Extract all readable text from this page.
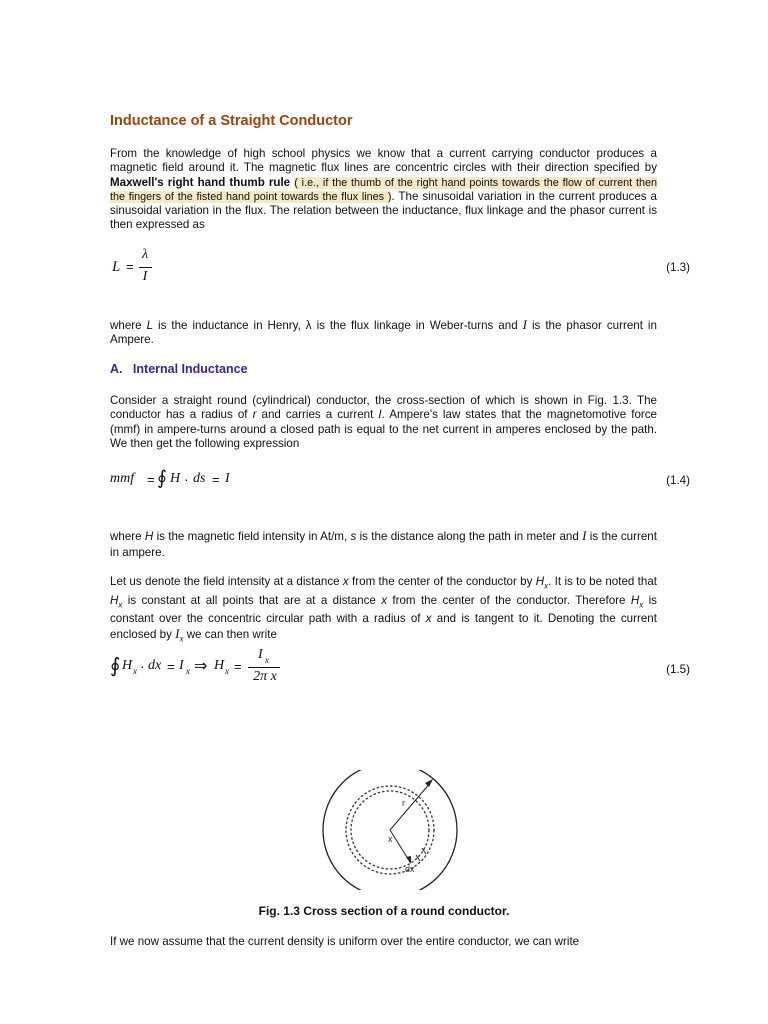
Inductance of a Straight Conductor
From the knowledge of high school physics we know that a current carrying conductor produces a magnetic field around it. The magnetic flux lines are concentric circles with their direction specified by Maxwell's right hand thumb rule ( i.e., if the thumb of the right hand points towards the flow of current then the fingers of the fisted hand point towards the flux lines ). The sinusoidal variation in the current produces a sinusoidal variation in the flux. The relation between the inductance, flux linkage and the phasor current is then expressed as
L =
λ
I
(1.3)
where L is the inductance in Henry, λ is the flux linkage in Weber-turns and I is the phasor current in Ampere.
A. Internal Inductance
Consider a straight round (cylindrical) conductor, the cross-section of which is shown in Fig. 1.3. The conductor has a radius of r and carries a current I. Ampere's law states that the magnetomotive force (mmf) in ampere-turns around a closed path is equal to the net current in amperes enclosed by the path. We then get the following expression
mmf = ∮ H · ds = I	(1.4)
where H is the magnetic field intensity in At/m, s is the distance along the path in meter and I is the current in ampere.
Let us denote the field intensity at a distance x from the center of the conductor by $H_x$. It is to be noted that $H_x$ is constant at all points that are at a distance x from the center of the conductor. Therefore $H_x$ is constant over the concentric circular path with a radius of x and is tangent to it. Denoting the current enclosed by $I_x$ we can then write
∮ H x · dx = I x ⇒ H x =
I x
2π x	(1.5)
r
x
dx
Fig. 1.3 Cross section of a round conductor.
If we now assume that the current density is uniform over the entire conductor, we can write
